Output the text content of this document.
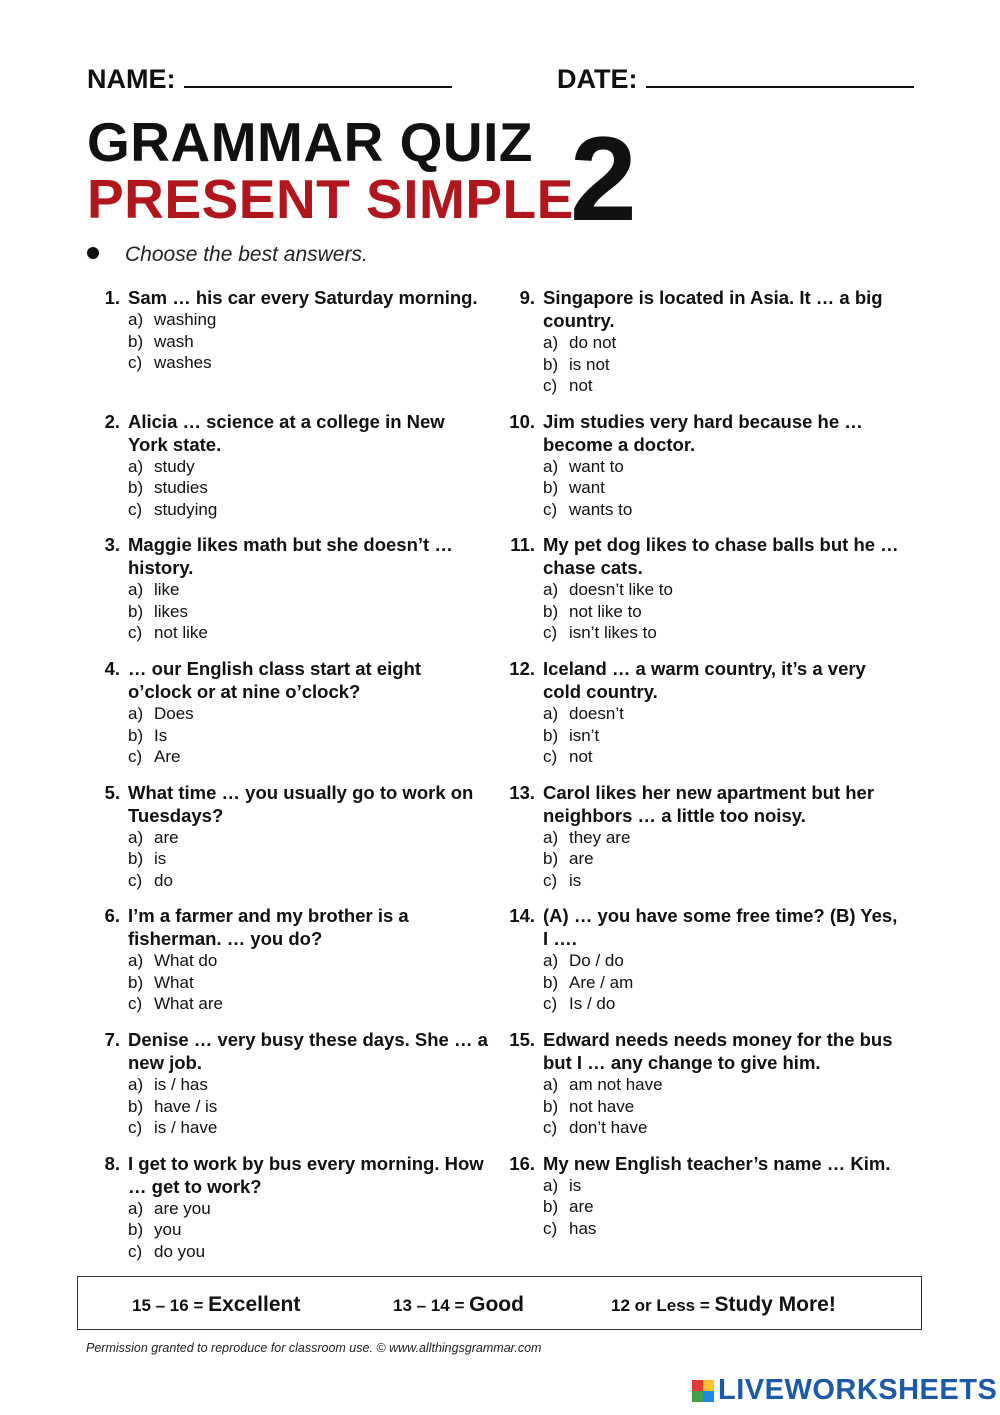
NAME:	DATE:
GRAMMAR QUIZ
PRESENT SIMPLE
2
Choose the best answers.
1. Sam … his car every Saturday morning.
a) washing
b) wash
c) washes
2. Alicia … science at a college in New York state.
a) study
b) studies
c) studying
3. Maggie likes math but she doesn’t … history.
a) like
b) likes
c) not like
4. … our English class start at eight o’clock or at nine o’clock?
a) Does
b) Is
c) Are
5. What time … you usually go to work on Tuesdays?
a) are
b) is
c) do
6. I’m a farmer and my brother is a fisherman. … you do?
a) What do
b) What
c) What are
7. Denise … very busy these days. She … a new job.
a) is / has
b) have / is
c) is / have
8. I get to work by bus every morning. How … get to work?
a) are you
b) you
c) do you
9. Singapore is located in Asia. It … a big country.
a) do not
b) is not
c) not
10. Jim studies very hard because he … become a doctor.
a) want to
b) want
c) wants to
11. My pet dog likes to chase balls but he … chase cats.
a) doesn’t like to
b) not like to
c) isn’t likes to
12. Iceland … a warm country, it’s a very cold country.
a) doesn’t
b) isn’t
c) not
13. Carol likes her new apartment but her neighbors … a little too noisy.
a) they are
b) are
c) is
14. (A) … you have some free time? (B) Yes, I ….
a) Do / do
b) Are / am
c) Is / do
15. Edward needs needs money for the bus but I … any change to give him.
a) am not have
b) not have
c) don’t have
16. My new English teacher’s name … Kim.
a) is
b) are
c) has
15 – 16 = Excellent	13 – 14 = Good	12 or Less = Study More!
Permission granted to reproduce for classroom use. © www.allthingsgrammar.com
LIVEWORKSHEETS
